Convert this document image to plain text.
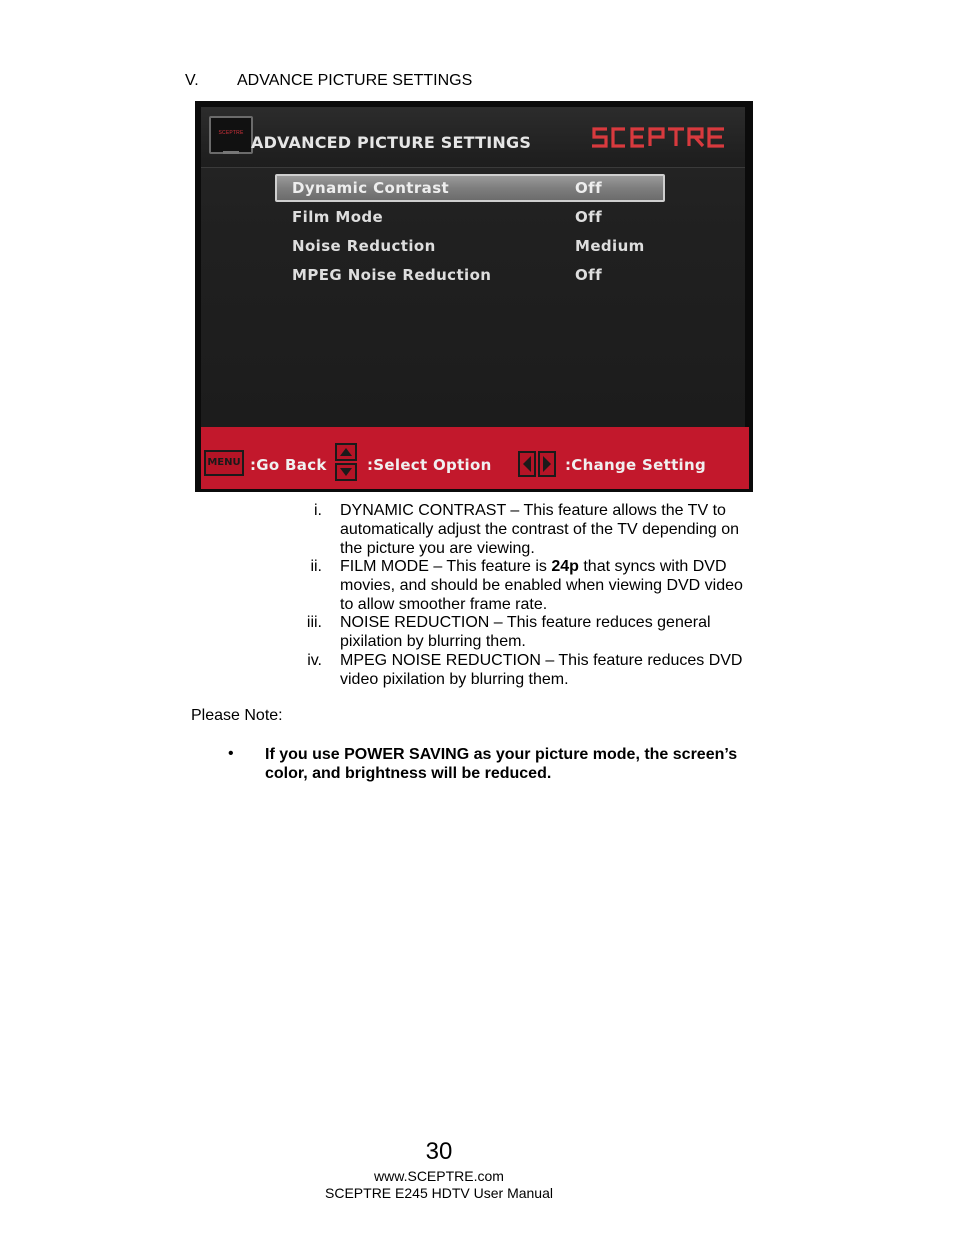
V. ADVANCE PICTURE SETTINGS
SCEPTRE ADVANCED PICTURE SETTINGS
Dynamic Contrast	Off
Film Mode	Off
Noise Reduction	Medium
MPEG Noise Reduction	Off
MENU :Go Back	:Select Option	:Change Setting
i. DYNAMIC CONTRAST – This feature allows the TV to
automatically adjust the contrast of the TV depending on
the picture you are viewing.
ii. FILM MODE – This feature is 24p that syncs with DVD
movies, and should be enabled when viewing DVD video
to allow smoother frame rate.
iii. NOISE REDUCTION – This feature reduces general
pixilation by blurring them.
iv. MPEG NOISE REDUCTION – This feature reduces DVD
video pixilation by blurring them.
Please Note:
• If you use POWER SAVING as your picture mode, the screen’s
color, and brightness will be reduced.
30
www.SCEPTRE.com
SCEPTRE E245 HDTV User Manual
